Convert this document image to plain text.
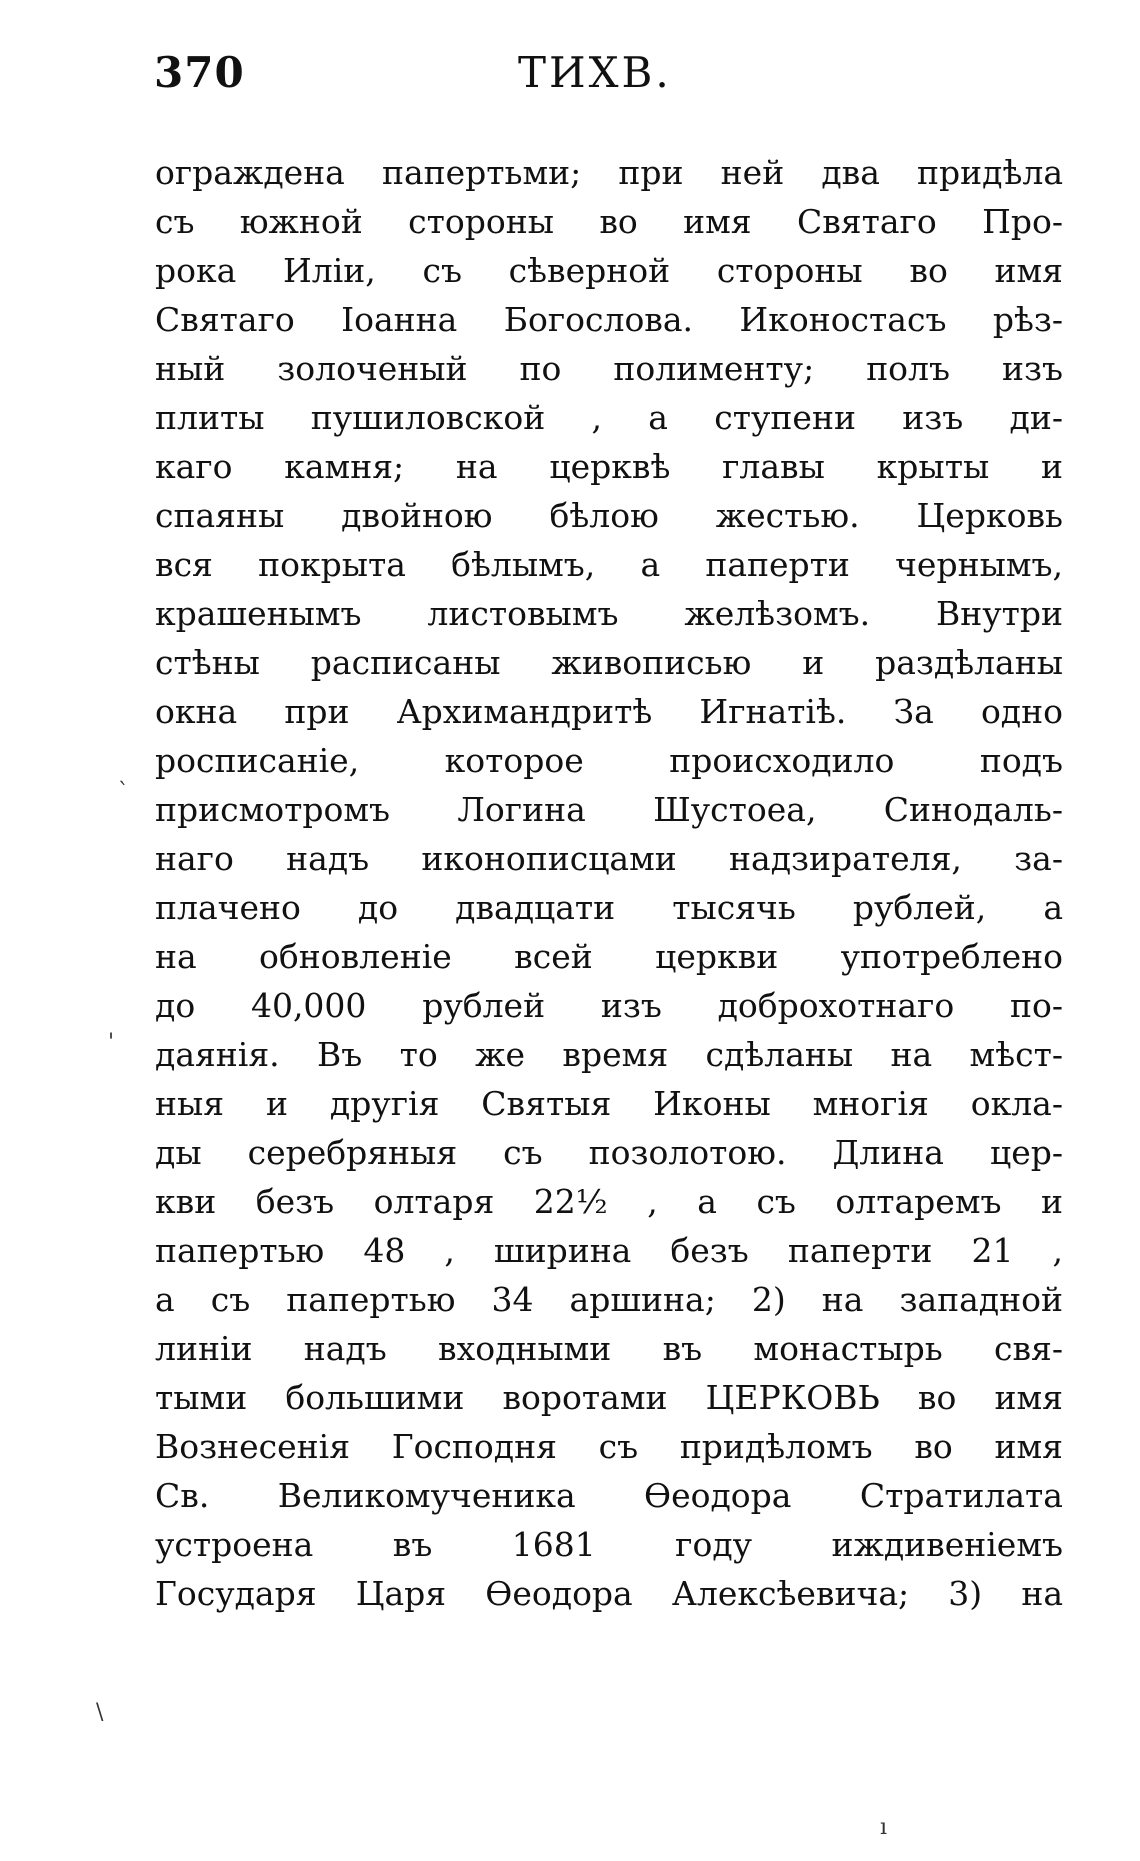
370	ТИХВ.
ограждена папертьми; при ней два придѣла
съ южной стороны во имя Святаго Про-
рока Иліи, съ сѣверной стороны во имя
Святаго Іоанна Богослова. Иконостасъ рѣз-
ный золоченый по полименту; полъ изъ
плиты пушиловской , а ступени изъ ди-
каго камня; на церквѣ главы крыты и
спаяны двойною бѣлою жестью. Церковь
вся покрыта бѣлымъ, а паперти чернымъ,
крашенымъ листовымъ желѣзомъ. Внутри
стѣны расписаны живописью и раздѣланы
окна при Архимандритѣ Игнатіѣ. За одно
росписаніе, которое происходило подъ
присмотромъ Логина Шустоеа, Синодаль-
наго надъ иконописцами надзирателя, за-
плачено до двадцати тысячь рублей, а
на обновленіе всей церкви употреблено
до 40,000 рублей изъ доброхотнаго по-
даянія. Въ то же время сдѣланы на мѣст-
ныя и другія Святыя Иконы многія окла-
ды серебряныя съ позолотою. Длина цер-
кви безъ олтаря 22½ , а съ олтаремъ и
папертью 48 , ширина безъ паперти 21 ,
а съ папертью 34 аршина; 2) на западной
линіи надъ входными въ монастырь свя-
тыми большими воротами ЦЕРКОВЬ во имя
Вознесенія Господня съ придѣломъ во имя
Св. Великомученика Ѳеодора Стратилата
устроена въ 1681 году иждивеніемъ
Государя Царя Ѳеодора Алексѣевича; 3) на
`
'
\
ı
